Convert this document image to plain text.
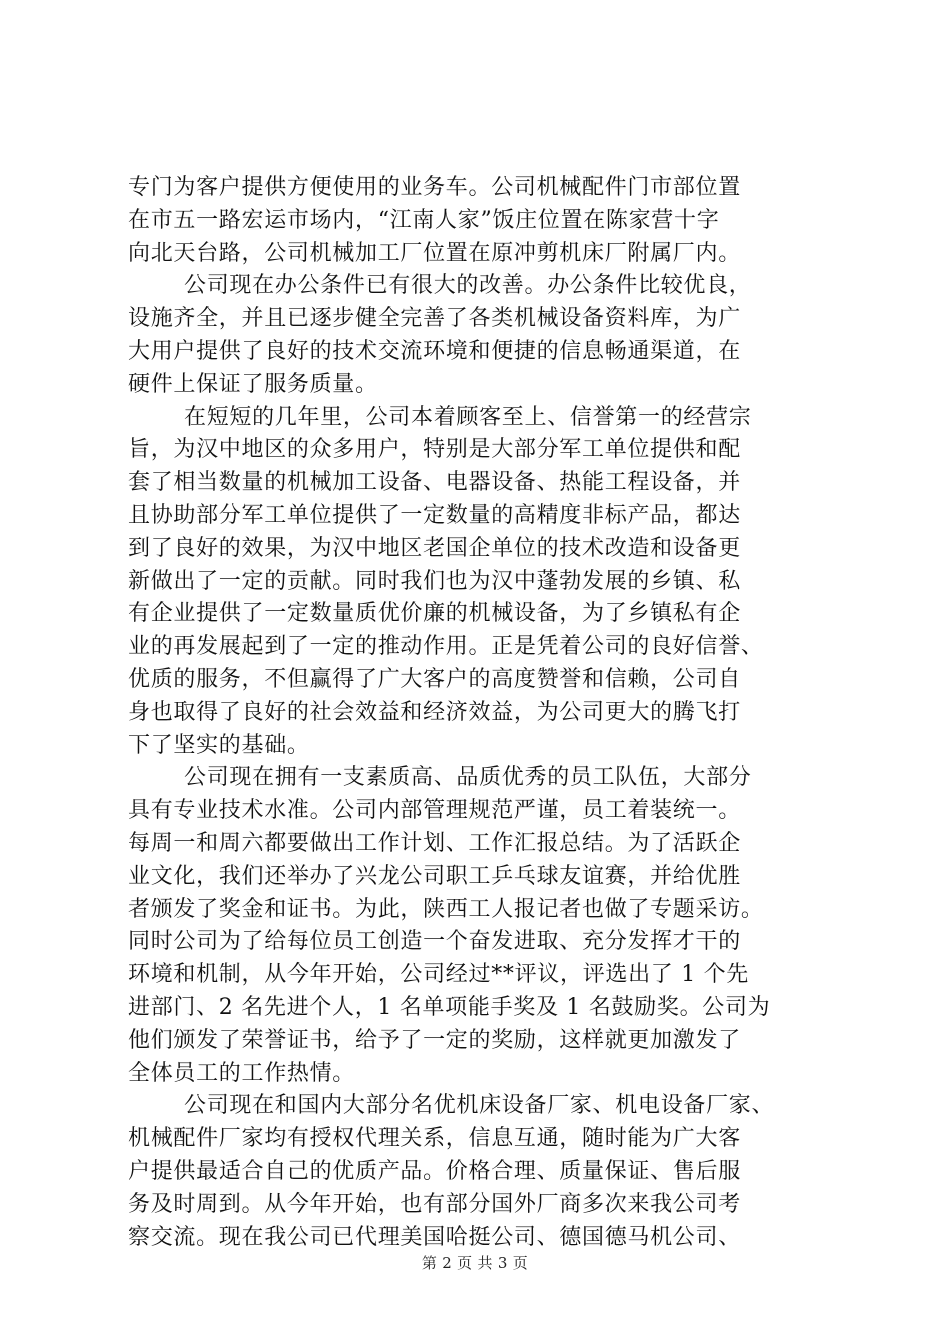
专门为客户提供方便使用的业务车。公司机械配件门市部位置
在市五一路宏运市场内，“江南人家”饭庄位置在陈家营十字
向北天台路，公司机械加工厂位置在原冲剪机床厂附属厂内。
公司现在办公条件已有很大的改善。办公条件比较优良，
设施齐全，并且已逐步健全完善了各类机械设备资料库，为广
大用户提供了良好的技术交流环境和便捷的信息畅通渠道，在
硬件上保证了服务质量。
在短短的几年里，公司本着顾客至上、信誉第一的经营宗
旨，为汉中地区的众多用户，特别是大部分军工单位提供和配
套了相当数量的机械加工设备、电器设备、热能工程设备，并
且协助部分军工单位提供了一定数量的高精度非标产品，都达
到了良好的效果，为汉中地区老国企单位的技术改造和设备更
新做出了一定的贡献。同时我们也为汉中蓬勃发展的乡镇、私
有企业提供了一定数量质优价廉的机械设备，为了乡镇私有企
业的再发展起到了一定的推动作用。正是凭着公司的良好信誉、
优质的服务，不但赢得了广大客户的高度赞誉和信赖，公司自
身也取得了良好的社会效益和经济效益，为公司更大的腾飞打
下了坚实的基础。
公司现在拥有一支素质高、品质优秀的员工队伍，大部分
具有专业技术水准。公司内部管理规范严谨，员工着装统一。
每周一和周六都要做出工作计划、工作汇报总结。为了活跃企
业文化，我们还举办了兴龙公司职工乒乓球友谊赛，并给优胜
者颁发了奖金和证书。为此，陕西工人报记者也做了专题采访。
同时公司为了给每位员工创造一个奋发进取、充分发挥才干的
环境和机制，从今年开始，公司经过**评议，评选出了 1 个先
进部门、2 名先进个人，1 名单项能手奖及 1 名鼓励奖。公司为
他们颁发了荣誉证书，给予了一定的奖励，这样就更加激发了
全体员工的工作热情。
公司现在和国内大部分名优机床设备厂家、机电设备厂家、
机械配件厂家均有授权代理关系，信息互通，随时能为广大客
户提供最适合自己的优质产品。价格合理、质量保证、售后服
务及时周到。从今年开始，也有部分国外厂商多次来我公司考
察交流。现在我公司已代理美国哈挺公司、德国德马机公司、
第 2 页 共 3 页
